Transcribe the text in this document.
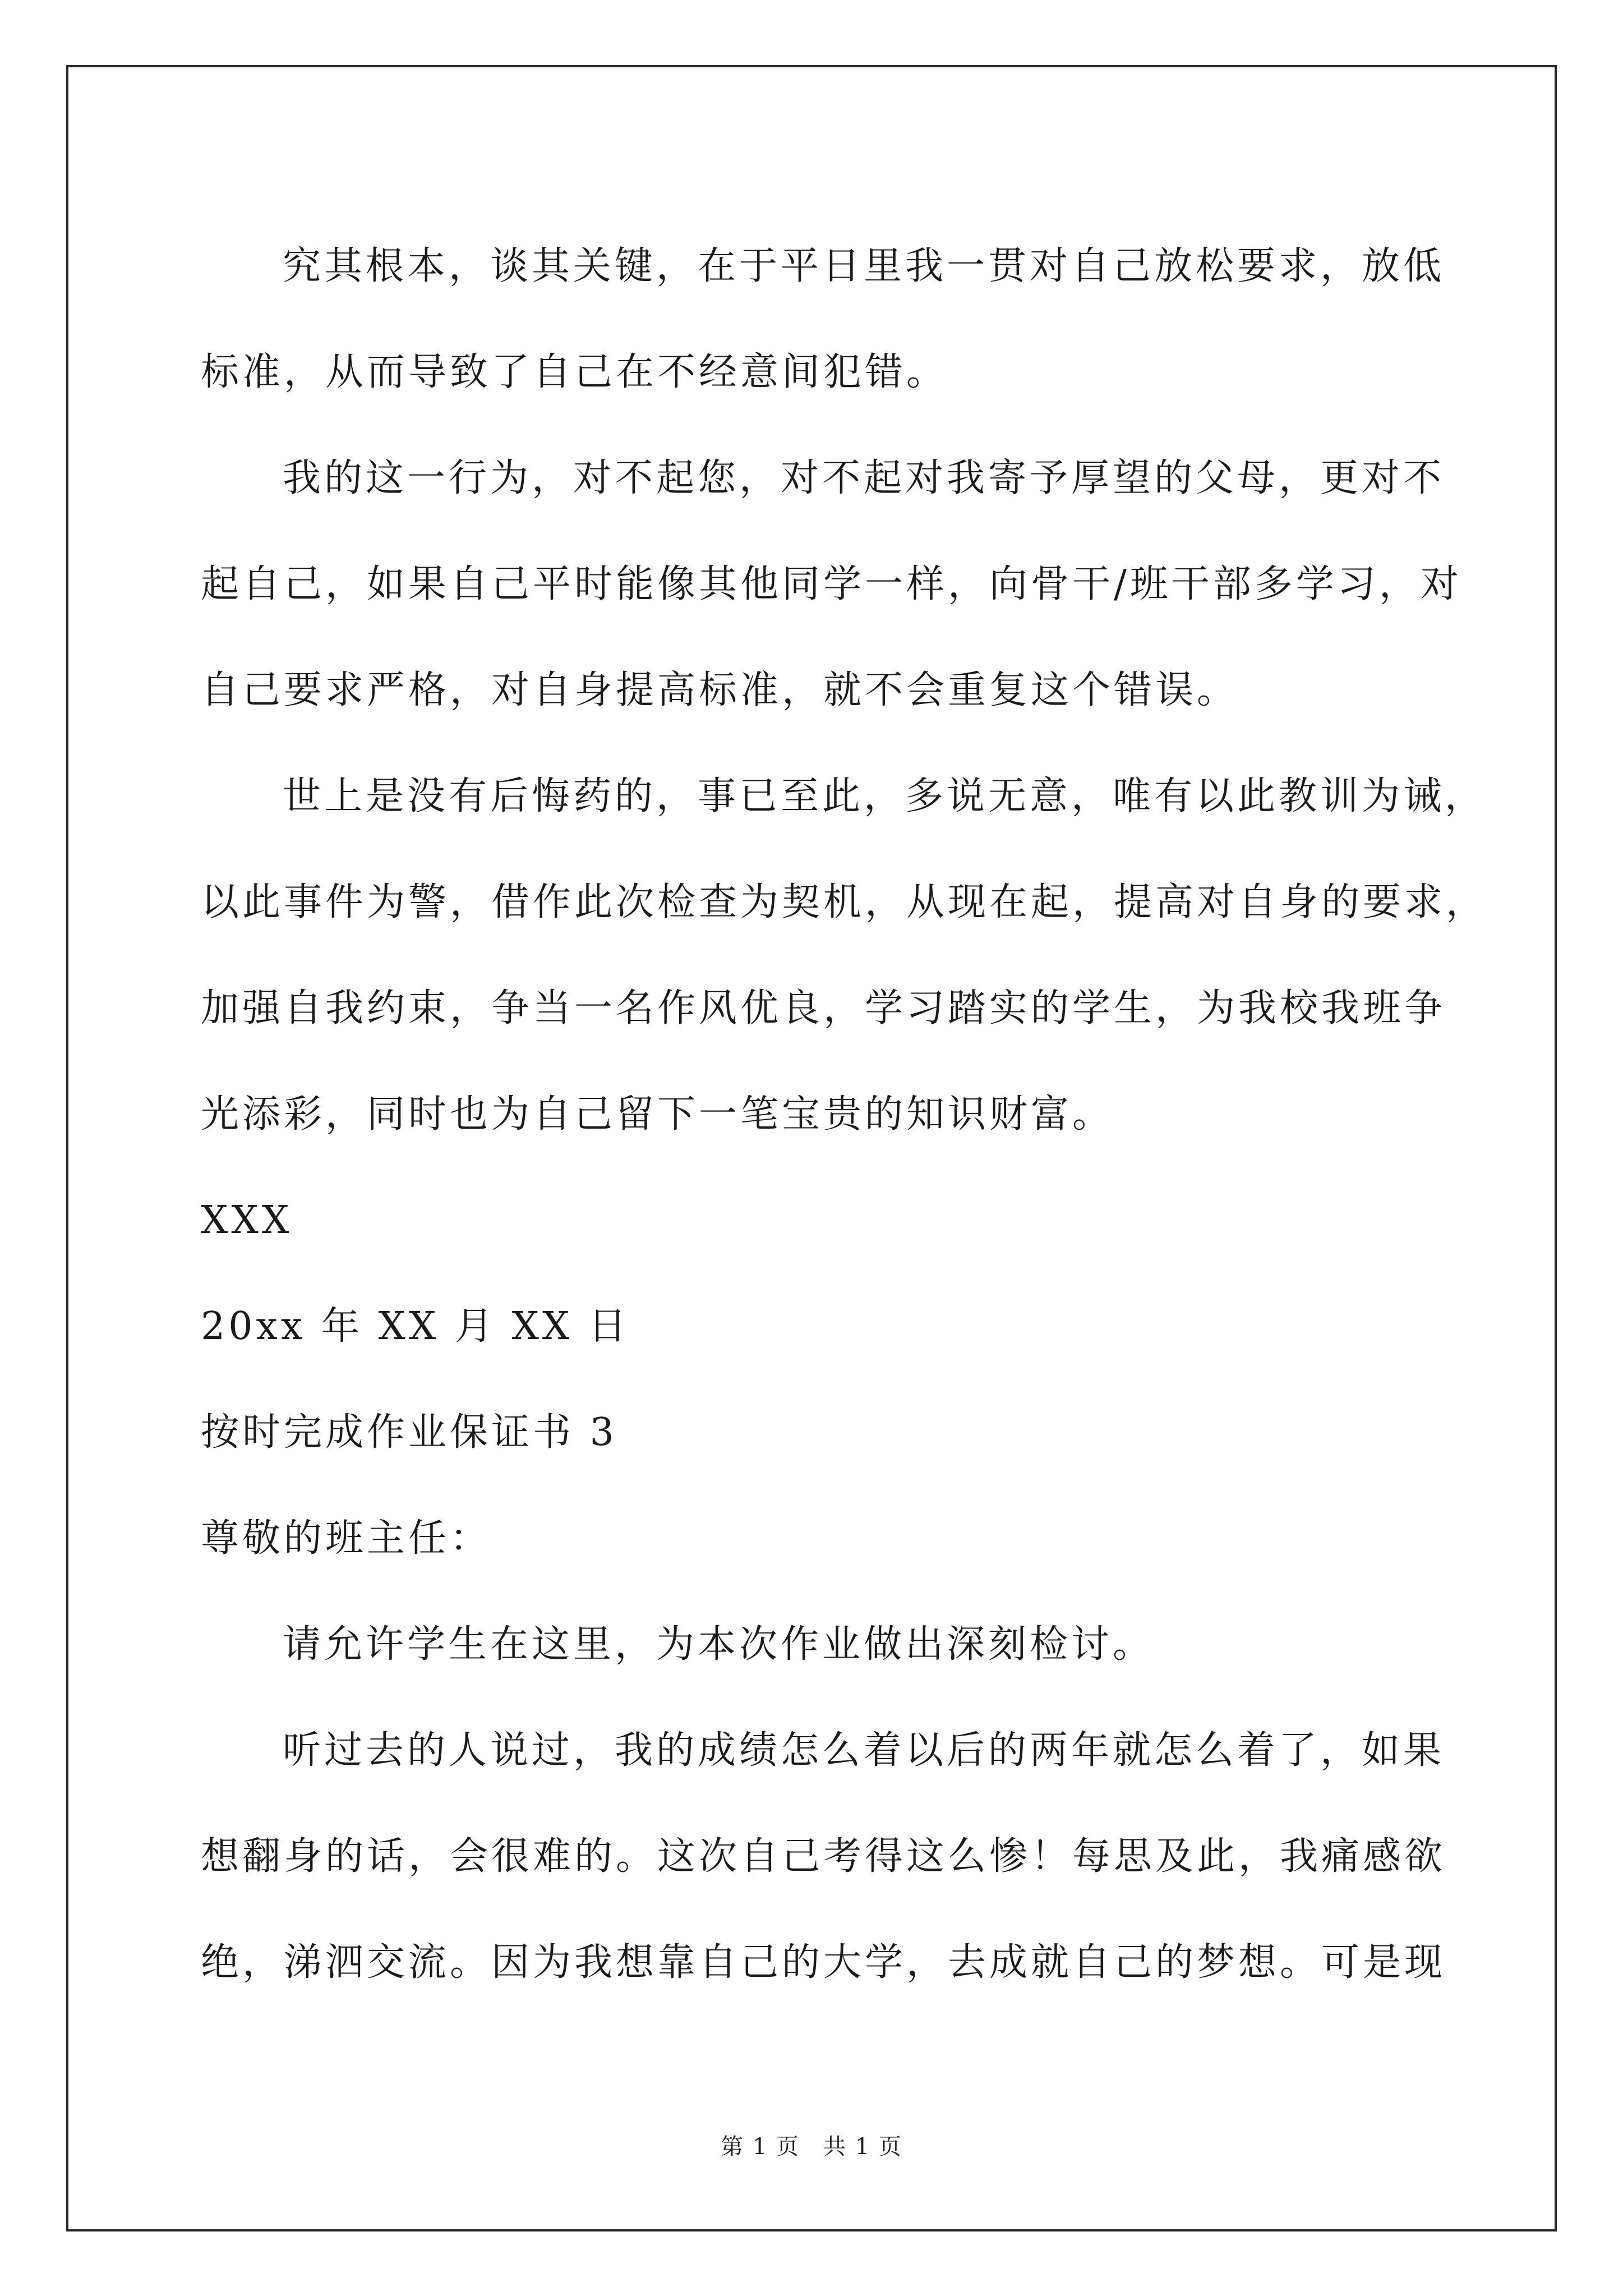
究其根本，谈其关键，在于平日里我一贯对自己放松要求，放低
标准，从而导致了自己在不经意间犯错。
我的这一行为，对不起您，对不起对我寄予厚望的父母，更对不
起自己，如果自己平时能像其他同学一样，向骨干/班干部多学习，对
自己要求严格，对自身提高标准，就不会重复这个错误。
世上是没有后悔药的，事已至此，多说无意，唯有以此教训为诫，
以此事件为警，借作此次检查为契机，从现在起，提高对自身的要求，
加强自我约束，争当一名作风优良，学习踏实的学生，为我校我班争
光添彩，同时也为自己留下一笔宝贵的知识财富。
XXX
20xx 年 XX 月 XX 日
按时完成作业保证书 3
尊敬的班主任：
请允许学生在这里，为本次作业做出深刻检讨。
听过去的人说过，我的成绩怎么着以后的两年就怎么着了，如果
想翻身的话，会很难的。这次自己考得这么惨！每思及此，我痛感欲
绝，涕泗交流。因为我想靠自己的大学，去成就自己的梦想。可是现
第 1 页　共 1 页
